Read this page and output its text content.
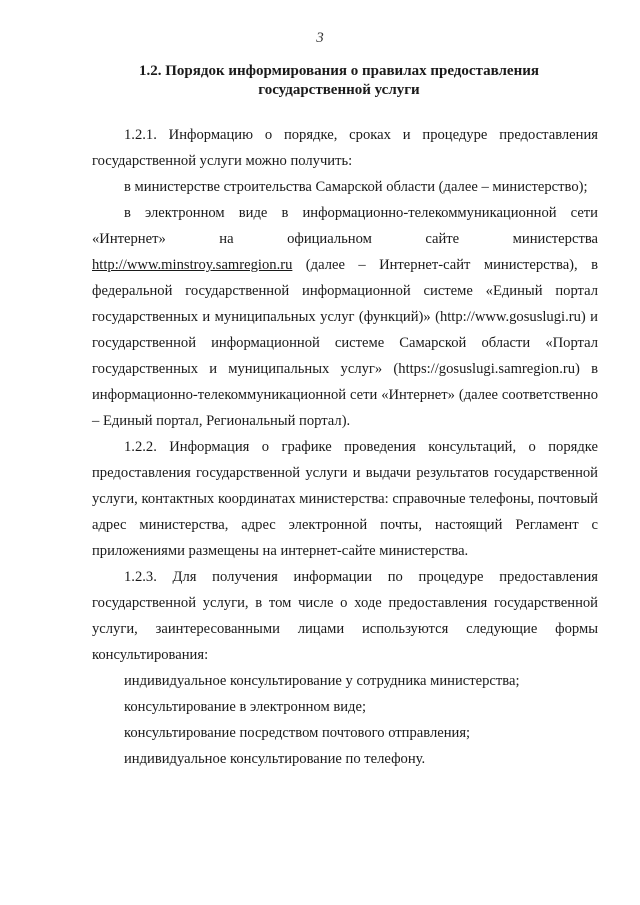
3
1.2. Порядок информирования о правилах предоставления
государственной услуги

1.2.1. Информацию о порядке, сроках и процедуре предоставления государственной услуги можно получить:

в министерстве строительства Самарской области (далее – министерство);

в электронном виде в информационно-телекоммуникационной сети «Интернет» на официальном сайте министерства http://www.minstroy.samregion.ru (далее – Интернет-сайт министерства), в федеральной государственной информационной системе «Единый портал государственных и муниципальных услуг (функций)» (http://www.gosuslugi.ru) и государственной информационной системе Самарской области «Портал государственных и муниципальных услуг» (https://gosuslugi.samregion.ru) в информационно-телекоммуникационной сети «Интернет» (далее соответственно – Единый портал, Региональный портал).

1.2.2. Информация о графике проведения консультаций, о порядке предоставления государственной услуги и выдачи результатов государственной услуги, контактных координатах министерства: справочные телефоны, почтовый адрес министерства, адрес электронной почты, настоящий Регламент с приложениями размещены на интернет-сайте министерства.

1.2.3. Для получения информации по процедуре предоставления государственной услуги, в том числе о ходе предоставления государственной услуги, заинтересованными лицами используются следующие формы консультирования:

индивидуальное консультирование у сотрудника министерства;

консультирование в электронном виде;

консультирование посредством почтового отправления;

индивидуальное консультирование по телефону.
